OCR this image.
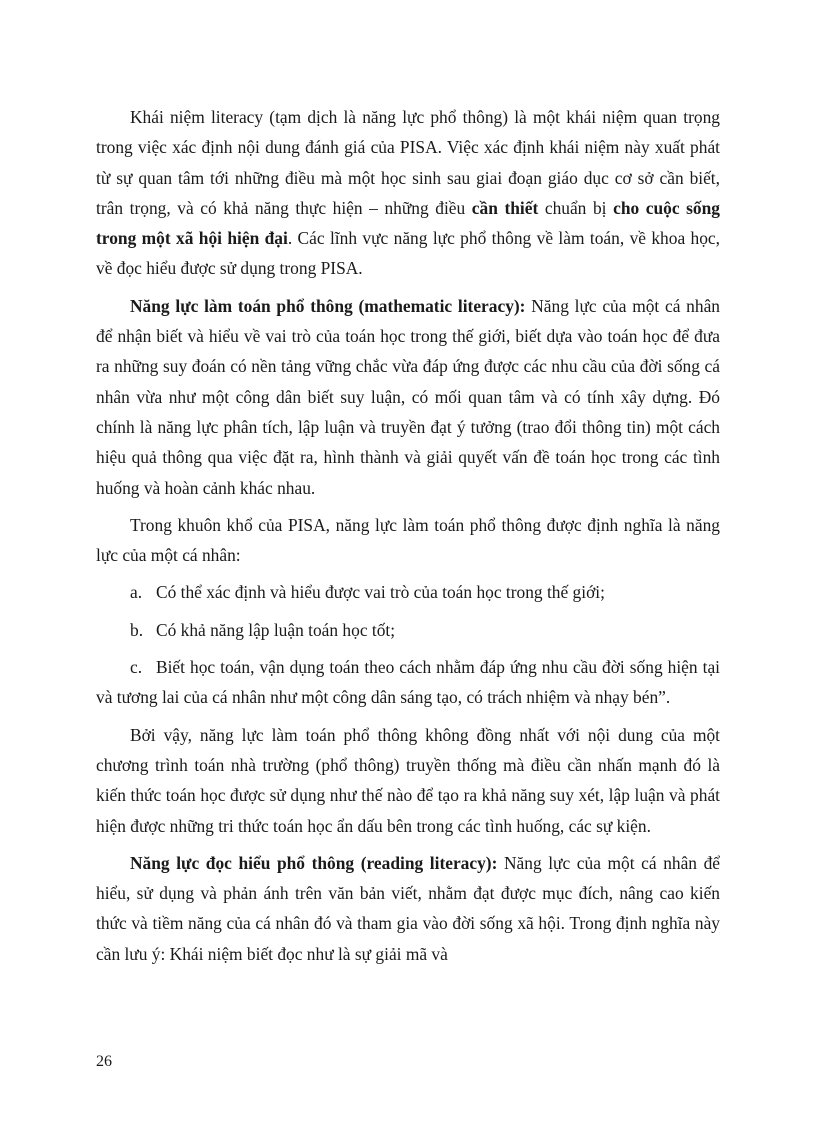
Khái niệm literacy (tạm dịch là năng lực phổ thông) là một khái niệm quan trọng trong việc xác định nội dung đánh giá của PISA. Việc xác định khái niệm này xuất phát từ sự quan tâm tới những điều mà một học sinh sau giai đoạn giáo dục cơ sở cần biết, trân trọng, và có khả năng thực hiện – những điều cần thiết chuẩn bị cho cuộc sống trong một xã hội hiện đại. Các lĩnh vực năng lực phổ thông về làm toán, về khoa học, về đọc hiểu được sử dụng trong PISA.

Năng lực làm toán phổ thông (mathematic literacy): Năng lực của một cá nhân để nhận biết và hiểu về vai trò của toán học trong thế giới, biết dựa vào toán học để đưa ra những suy đoán có nền tảng vững chắc vừa đáp ứng được các nhu cầu của đời sống cá nhân vừa như một công dân biết suy luận, có mối quan tâm và có tính xây dựng. Đó chính là năng lực phân tích, lập luận và truyền đạt ý tưởng (trao đổi thông tin) một cách hiệu quả thông qua việc đặt ra, hình thành và giải quyết vấn đề toán học trong các tình huống và hoàn cảnh khác nhau.

Trong khuôn khổ của PISA, năng lực làm toán phổ thông được định nghĩa là năng lực của một cá nhân:

a. Có thể xác định và hiểu được vai trò của toán học trong thế giới;

b. Có khả năng lập luận toán học tốt;

c. Biết học toán, vận dụng toán theo cách nhằm đáp ứng nhu cầu đời sống hiện tại và tương lai của cá nhân như một công dân sáng tạo, có trách nhiệm và nhạy bén”.

Bởi vậy, năng lực làm toán phổ thông không đồng nhất với nội dung của một chương trình toán nhà trường (phổ thông) truyền thống mà điều cần nhấn mạnh đó là kiến thức toán học được sử dụng như thế nào để tạo ra khả năng suy xét, lập luận và phát hiện được những tri thức toán học ẩn dấu bên trong các tình huống, các sự kiện.

Năng lực đọc hiểu phổ thông (reading literacy): Năng lực của một cá nhân để hiểu, sử dụng và phản ánh trên văn bản viết, nhằm đạt được mục đích, nâng cao kiến thức và tiềm năng của cá nhân đó và tham gia vào đời sống xã hội. Trong định nghĩa này cần lưu ý: Khái niệm biết đọc như là sự giải mã và

26
